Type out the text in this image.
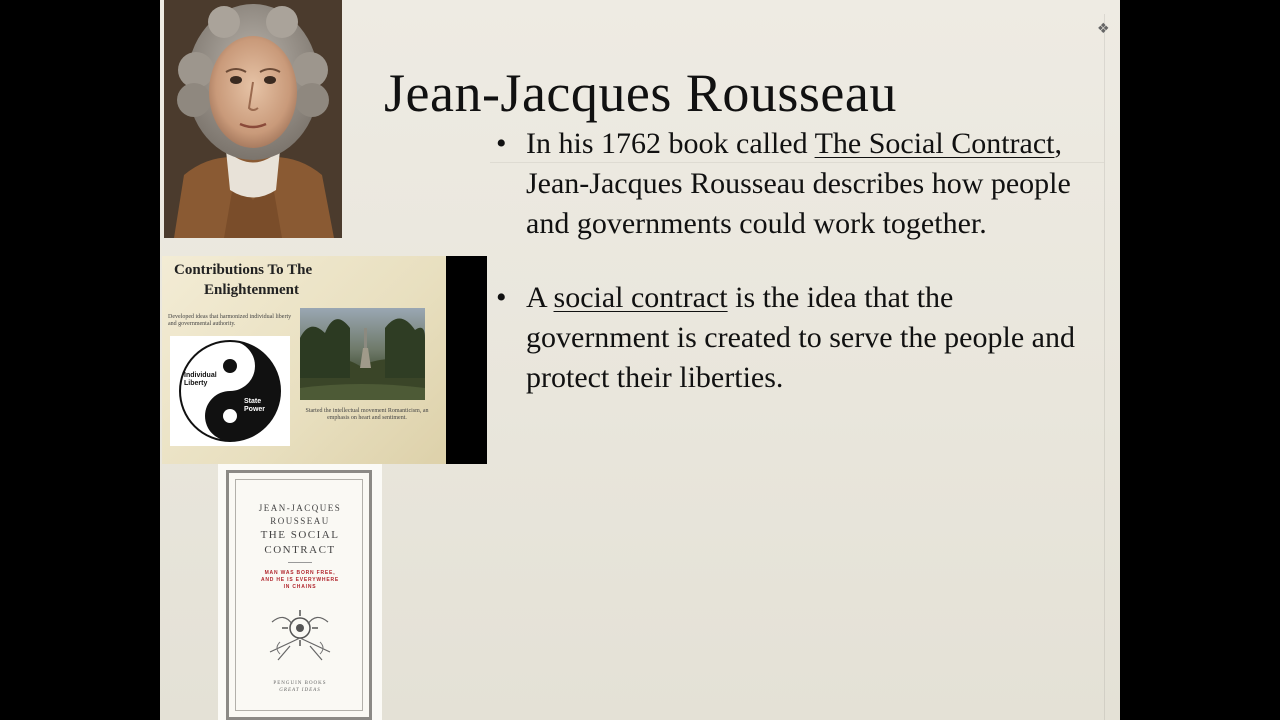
❖
Contributions To The
Enlightenment
Developed ideas that harmonized individual liberty and governmental authority.
Individual Liberty
State Power	Started the intellectual movement Romanticism, an emphasis on heart and sentiment.
JEAN-JACQUES
ROUSSEAU
THE SOCIAL
CONTRACT
MAN WAS BORN FREE,
AND HE IS EVERYWHERE
IN CHAINS
PENGUIN BOOKS
GREAT IDEAS
Jean-Jacques Rousseau

• In his 1762 book called The Social Contract, Jean-Jacques Rousseau describes how people and governments could work together.

• A social contract is the idea that the government is created to serve the people and protect their liberties.
